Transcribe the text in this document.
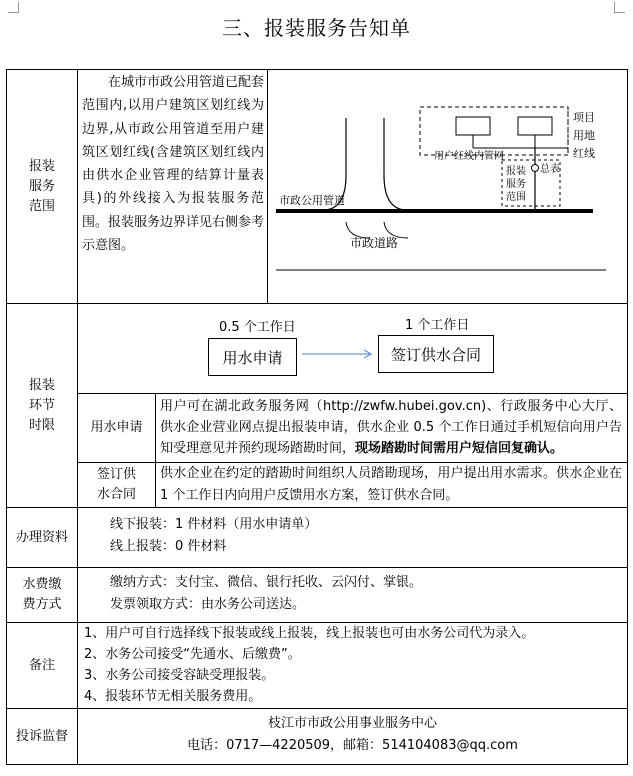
三、报装服务告知单
报装
服务
范围
在城市市政公用管道已配套范围内,以用户建筑区划红线为边界,从市政公用管道至用户建筑区划红线(含建筑区划红线内由供水企业管理的结算计量表具)的外线接入为报装服务范围。报装服务边界详见右侧参考示意图。
项目
用地
红线
用户红线内管网
总表
报装
服务
范围
市政公用管道
市政道路
报装
环节
时限
0.5 个工作日	1 个工作日
用水申请	签订供水合同
用水申请
用户可在湖北政务服务网（http://zwfw.hubei.gov.cn)、行政服务中心大厅、供水企业营业网点提出报装申请，供水企业 0.5 个工作日通过手机短信向用户告知受理意见并预约现场踏勘时间，现场踏勘时间需用户短信回复确认。
签订供
水合同
供水企业在约定的踏勘时间组织人员踏勘现场，用户提出用水需求。供水企业在 1 个工作日内向用户反馈用水方案，签订供水合同。
办理资料
线下报装：1 件材料（用水申请单）
线上报装：0 件材料
水费缴
费方式
缴纳方式：支付宝、微信、银行托收、云闪付、掌银。
发票领取方式：由水务公司送达。
备注
1、用户可自行选择线下报装或线上报装，线上报装也可由水务公司代为录入。
2、水务公司接受“先通水、后缴费”。
3、水务公司接受容缺受理报装。
4、报装环节无相关服务费用。
投诉监督
枝江市市政公用事业服务中心
电话：0717—4220509，邮箱：514104083@qq.com
